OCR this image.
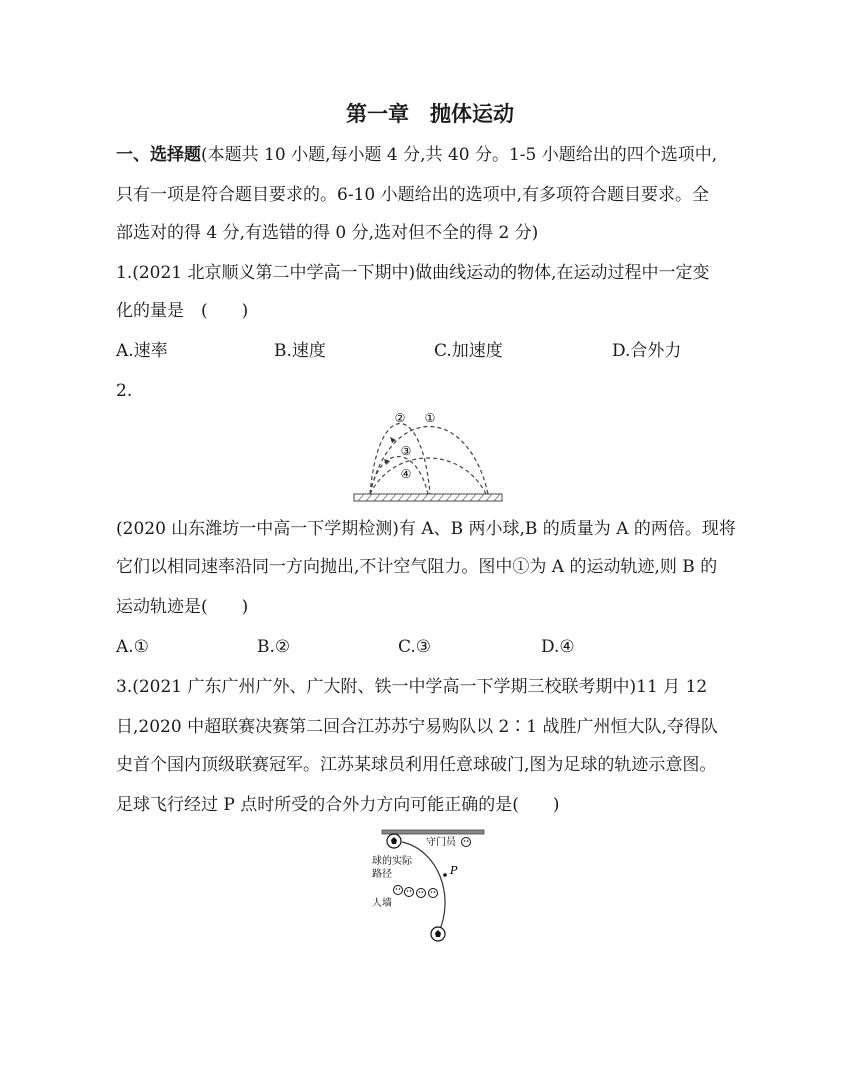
第一章　抛体运动
一、选择题(本题共 10 小题,每小题 4 分,共 40 分。1-5 小题给出的四个选项中,
只有一项是符合题目要求的。6-10 小题给出的选项中,有多项符合题目要求。全
部选对的得 4 分,有选错的得 0 分,选对但不全的得 2 分)
1.(2021 北京顺义第二中学高一下期中)做曲线运动的物体,在运动过程中一定变
化的量是　(　　)
A.速率	B.速度	C.加速度	D.合外力
2.
② ①
③
④
(2020 山东潍坊一中高一下学期检测)有 A、B 两小球,B 的质量为 A 的两倍。现将
它们以相同速率沿同一方向抛出,不计空气阻力。图中①为 A 的运动轨迹,则 B 的
运动轨迹是(　　)
A.①	B.②	C.③	D.④
3.(2021 广东广州广外、广大附、铁一中学高一下学期三校联考期中)11 月 12
日,2020 中超联赛决赛第二回合江苏苏宁易购队以 2∶1 战胜广州恒大队,夺得队
史首个国内顶级联赛冠军。江苏某球员利用任意球破门,图为足球的轨迹示意图。
足球飞行经过 P 点时所受的合外力方向可能正确的是(　　)
守门员
P
球的实际
路径
人墙
